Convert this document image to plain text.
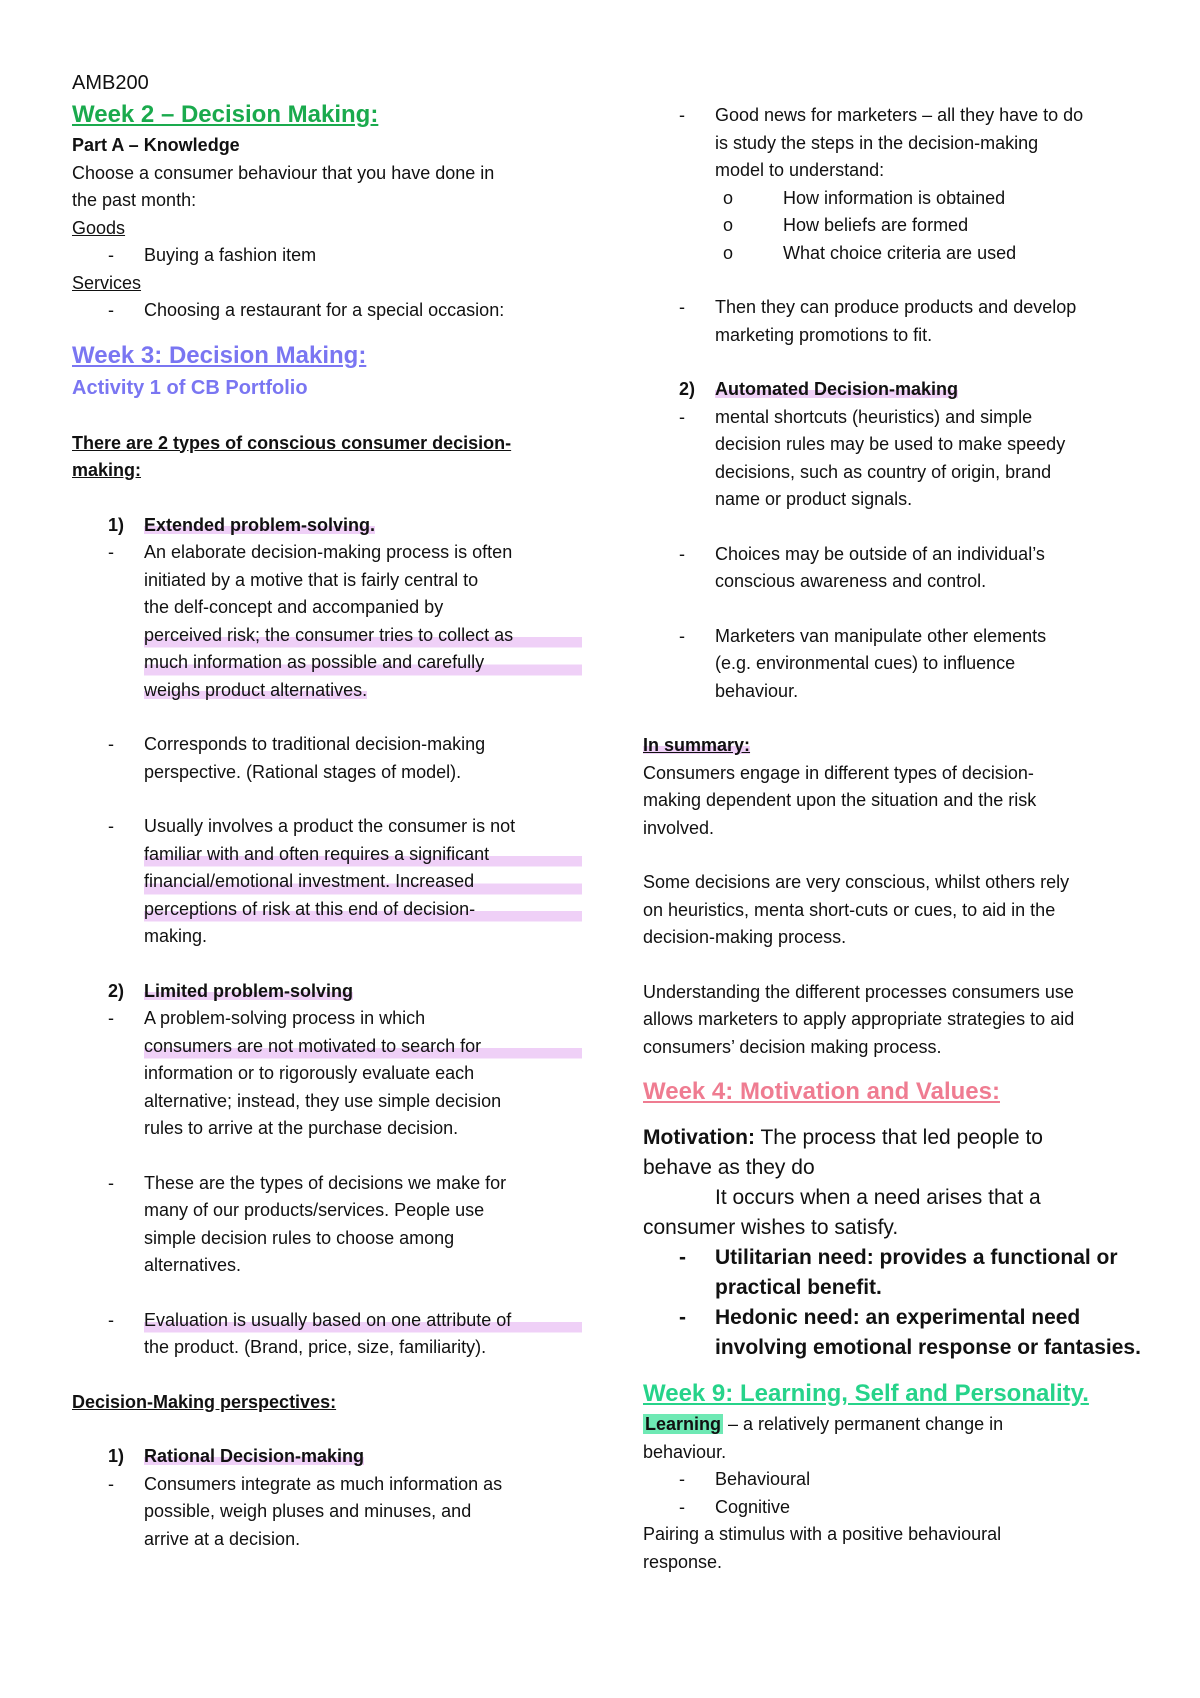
AMB200
Week 2 – Decision Making:
Part A – Knowledge
Choose a consumer behaviour that you have done in
the past month:
Goods
- Buying a fashion item
Services
- Choosing a restaurant for a special occasion:
Week 3: Decision Making:
Activity 1 of CB Portfolio
There are 2 types of conscious consumer decision-
making:
1) Extended problem-solving.
- An elaborate decision-making process is often
initiated by a motive that is fairly central to
the delf-concept and accompanied by
perceived risk; the consumer tries to collect as
much information as possible and carefully
weighs product alternatives.
- Corresponds to traditional decision-making
perspective. (Rational stages of model).
- Usually involves a product the consumer is not
familiar with and often requires a significant
financial/emotional investment. Increased
perceptions of risk at this end of decision-
making.
2) Limited problem-solving
- A problem-solving process in which
consumers are not motivated to search for
information or to rigorously evaluate each
alternative; instead, they use simple decision
rules to arrive at the purchase decision.
- These are the types of decisions we make for
many of our products/services. People use
simple decision rules to choose among
alternatives.
- Evaluation is usually based on one attribute of
the product. (Brand, price, size, familiarity).
Decision-Making perspectives:
1) Rational Decision-making
- Consumers integrate as much information as
possible, weigh pluses and minuses, and
arrive at a decision.
- Good news for marketers – all they have to do
is study the steps in the decision-making
model to understand:
o How information is obtained
o How beliefs are formed
o What choice criteria are used
- Then they can produce products and develop
marketing promotions to fit.
2) Automated Decision-making
- mental shortcuts (heuristics) and simple
decision rules may be used to make speedy
decisions, such as country of origin, brand
name or product signals.
- Choices may be outside of an individual’s
conscious awareness and control.
- Marketers van manipulate other elements
(e.g. environmental cues) to influence
behaviour.
In summary:
Consumers engage in different types of decision-
making dependent upon the situation and the risk
involved.
Some decisions are very conscious, whilst others rely
on heuristics, menta short-cuts or cues, to aid in the
decision-making process.
Understanding the different processes consumers use
allows marketers to apply appropriate strategies to aid
consumers’ decision making process.
Week 4: Motivation and Values:
Motivation: The process that led people to
behave as they do
It occurs when a need arises that a
consumer wishes to satisfy.
- Utilitarian need: provides a functional or
practical benefit.
- Hedonic need: an experimental need
involving emotional response or fantasies.
Week 9: Learning, Self and Personality.
Learning – a relatively permanent change in
behaviour.
- Behavioural
- Cognitive
Pairing a stimulus with a positive behavioural
response.
